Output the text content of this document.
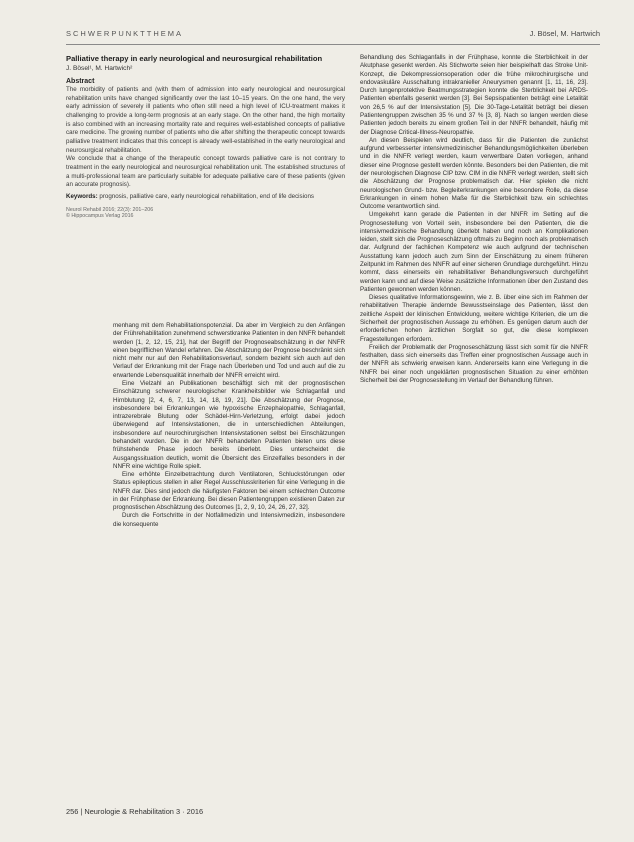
SCHWERPUNKTTHEMA	J. Bösel, M. Hartwich

Palliative therapy in early neurological and neurosurgical rehabilitation

J. Bösel¹, M. Hartwich²

Abstract

The morbidity of patients and (with them of admission into early neurological and neurosurgical rehabilitation units have changed significantly over the last 10–15 years. On the one hand, the very early admission of severely ill patients who often still need a high level of ICU-treatment makes it challenging to provide a long-term prognosis at an early stage. On the other hand, the high mortality is also combined with an increasing mortality rate and requires well-established concepts of palliative care medicine. The growing number of patients who die after shifting the therapeutic concept towards palliative treatment indicates that this concept is already well-established in the early neurological and neurosurgical rehabilitation.

We conclude that a change of the therapeutic concept towards palliative care is not contrary to treatment in the early neurological and neurosurgical rehabilitation unit. The established structures of a multi-professional team are particularly suitable for adequate palliative care of these patients (given an accurate prognosis).

Keywords: prognosis, palliative care, early neurological rehabilitation, end of life decisions

Neurol Rehabil 2016; 22(3): 201–206
© Hippocampus Verlag 2016

menhang mit dem Rehabilitationspotenzial. Da aber im Vergleich zu den Anfängen der Frührehabilitation zunehmend schwerstkranke Patienten in den NNFR behandelt werden [1, 2, 12, 15, 21], hat der Begriff der Prognoseabschätzung in der NNFR einen begrifflichen Wandel erfahren. Die Abschätzung der Prognose beschränkt sich nicht mehr nur auf den Rehabilitationsverlauf, sondern bezieht sich auch auf den Verlauf der Erkrankung mit der Frage nach Überleben und Tod und auch auf die zu erwartende Lebensqualität innerhalb der NNFR erreicht wird.

Eine Vielzahl an Publikationen beschäftigt sich mit der prognostischen Einschätzung schwerer neurologischer Krankheitsbilder wie Schlaganfall und Hirnblutung [2, 4, 6, 7, 13, 14, 18, 19, 21]. Die Abschätzung der Prognose, insbesondere bei Erkrankungen wie hypoxische Enzephalopathie, Schlaganfall, intrazerebrale Blutung oder Schädel-Hirn-Verletzung, erfolgt dabei jedoch überwiegend auf Intensivstationen, die in unterschiedlichen Abteilungen, insbesondere auf neurochirurgischen Intensivstationen selbst bei Einschätzungen behandelt wurden. Die in der NNFR behandelten Patienten bieten uns diese frühstehende Phase jedoch bereits überlebt. Dies unterscheidet die Ausgangssituation deutlich, womit die Übersicht des Einzelfalles besonders in der NNFR eine wichtige Rolle spielt.

Eine erhöhte Einzelbetrachtung durch Ventilatoren, Schluckstörungen oder Status epilepticus stellen in aller Regel Ausschlusskriterien für eine Verlegung in die NNFR dar. Dies sind jedoch die häufigsten Faktoren bei einem schlechten Outcome in der Frühphase der Erkrankung. Bei diesen Patientengruppen existieren Daten zur prognostischen Abschätzung des Outcomes [1, 2, 9, 10, 24, 26, 27, 32].

Durch die Fortschritte in der Notfallmedizin und Intensivmedizin, insbesondere die konsequente

Behandlung des Schlaganfalls in der Frühphase, konnte die Sterblichkeit in der Akutphase gesenkt werden. Als Stichworte seien hier beispielhaft das Stroke Unit-Konzept, die Dekompressionsoperation oder die frühe mikrochirurgische und endovaskuläre Ausschaltung intrakranieller Aneurysmen genannt [1, 11, 16, 23]. Durch lungenprotektive Beatmungsstrategien konnte die Sterblichkeit bei ARDS-Patienten ebenfalls gesenkt werden [3]. Bei Sepsispatienten beträgt eine Letalität von 26,5 % auf der Intensivstation [5]. Die 30-Tage-Letalität beträgt bei diesen Patientengruppen zwischen 35 % und 37 % [3, 8]. Nach so langen werden diese Patienten jedoch bereits zu einem großen Teil in der NNFR behandelt, häufig mit der Diagnose Critical-Illness-Neuropathie.

An diesen Beispielen wird deutlich, dass für die Patienten die zunächst aufgrund verbesserter intensivmedizinischer Behandlungsmöglichkeiten überleben und in die NNFR verlegt werden, kaum verwertbare Daten vorliegen, anhand dieser eine Prognose gestellt werden könnte. Besonders bei den Patienten, die mit der neurologischen Diagnose CIP bzw. CIM in die NNFR verlegt werden, stellt sich die Abschätzung der Prognose problematisch dar. Hier spielen die nicht neurologischen Grund- bzw. Begleiterkrankungen eine besondere Rolle, da diese Erkrankungen in einem hohen Maße für die Sterblichkeit bzw. ein schlechtes Outcome verantwortlich sind.

Umgekehrt kann gerade die Patienten in der NNFR im Setting auf die Prognosestellung von Vorteil sein, insbesondere bei den Patienten, die die intensivmedizinische Behandlung überlebt haben und noch an Komplikationen leiden, stellt sich die Prognoseschätzung oftmals zu Beginn noch als problematisch dar. Aufgrund der fachlichen Kompetenz wie auch aufgrund der technischen Ausstattung kann jedoch auch zum Sinn der Einschätzung zu einem früheren Zeitpunkt im Rahmen des NNFR auf einer sicheren Grundlage durchgeführt. Hinzu kommt, dass einerseits ein rehabilitativer Behandlungsversuch durchgeführt werden kann und auf diese Weise zusätzliche Informationen über den Zustand des Patienten gewonnen werden können.

Dieses qualitative Informationsgewinn, wie z. B. über eine sich im Rahmen der rehabilitativen Therapie ändernde Bewusstseinslage des Patienten, lässt den zeitliche Aspekt der klinischen Entwicklung, weitere wichtige Kriterien, die um die Sicherheit der prognostischen Aussage zu erhöhen. Es genügen darum auch der erforderlichen hohen ärztlichen Sorgfalt so gut, die diese komplexen Fragestellungen erfordern.

Freilich der Problematik der Prognoseschätzung lässt sich somit für die NNFR festhalten, dass sich einerseits das Treffen einer prognostischen Aussage auch in der NNFR als schwierig erweisen kann. Andererseits kann eine Verlegung in die NNFR bei einer noch ungeklärten prognostischen Situation zu einer erhöhten Sicherheit bei der Prognosestellung im Verlauf der Behandlung führen.

256 | Neurologie & Rehabilitation 3 · 2016
